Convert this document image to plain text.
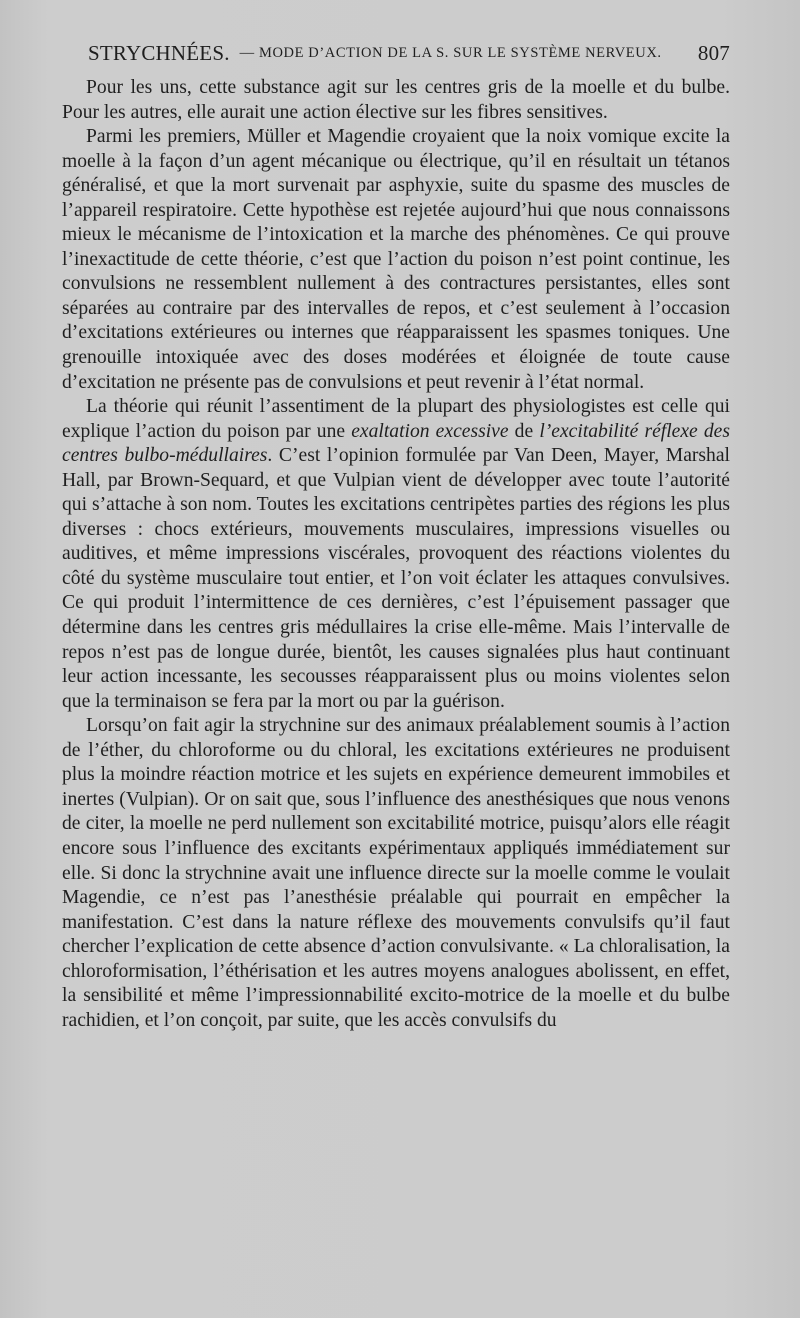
STRYCHNÉES. — MODE D’ACTION DE LA S. SUR LE SYSTÈME NERVEUX. 807

Pour les uns, cette substance agit sur les centres gris de la moelle et du bulbe. Pour les autres, elle aurait une action élective sur les fibres sensitives.

Parmi les premiers, Müller et Magendie croyaient que la noix vomique excite la moelle à la façon d’un agent mécanique ou électrique, qu’il en résultait un tétanos généralisé, et que la mort survenait par asphyxie, suite du spasme des muscles de l’appareil respiratoire. Cette hypothèse est rejetée aujourd’hui que nous connaissons mieux le mécanisme de l’intoxication et la marche des phénomènes. Ce qui prouve l’inexactitude de cette théorie, c’est que l’action du poison n’est point continue, les convulsions ne ressemblent nullement à des contractures persistantes, elles sont séparées au contraire par des intervalles de repos, et c’est seulement à l’occasion d’excitations extérieures ou internes que réapparaissent les spasmes toniques. Une grenouille intoxiquée avec des doses modérées et éloignée de toute cause d’excitation ne présente pas de convulsions et peut revenir à l’état normal.

La théorie qui réunit l’assentiment de la plupart des physiologistes est celle qui explique l’action du poison par une exaltation excessive de l’excitabilité réflexe des centres bulbo-médullaires. C’est l’opinion formulée par Van Deen, Mayer, Marshal Hall, par Brown-Sequard, et que Vulpian vient de développer avec toute l’autorité qui s’attache à son nom. Toutes les excitations centripètes parties des régions les plus diverses : chocs extérieurs, mouvements musculaires, impressions visuelles ou auditives, et même impressions viscérales, provoquent des réactions violentes du côté du système musculaire tout entier, et l’on voit éclater les attaques convulsives. Ce qui produit l’intermittence de ces dernières, c’est l’épuisement passager que détermine dans les centres gris médullaires la crise elle-même. Mais l’intervalle de repos n’est pas de longue durée, bientôt, les causes signalées plus haut continuant leur action incessante, les secousses réapparaissent plus ou moins violentes selon que la terminaison se fera par la mort ou par la guérison.

Lorsqu’on fait agir la strychnine sur des animaux préalablement soumis à l’action de l’éther, du chloroforme ou du chloral, les excitations extérieures ne produisent plus la moindre réaction motrice et les sujets en expérience demeurent immobiles et inertes (Vulpian). Or on sait que, sous l’influence des anesthésiques que nous venons de citer, la moelle ne perd nullement son excitabilité motrice, puisqu’alors elle réagit encore sous l’influence des excitants expérimentaux appliqués immédiatement sur elle. Si donc la strychnine avait une influence directe sur la moelle comme le voulait Magendie, ce n’est pas l’anesthésie préalable qui pourrait en empêcher la manifestation. C’est dans la nature réflexe des mouvements convulsifs qu’il faut chercher l’explication de cette absence d’action convulsivante. « La chloralisation, la chloroformisation, l’éthérisation et les autres moyens analogues abolissent, en effet, la sensibilité et même l’impressionnabilité excito-motrice de la moelle et du bulbe rachidien, et l’on conçoit, par suite, que les accès convulsifs du
